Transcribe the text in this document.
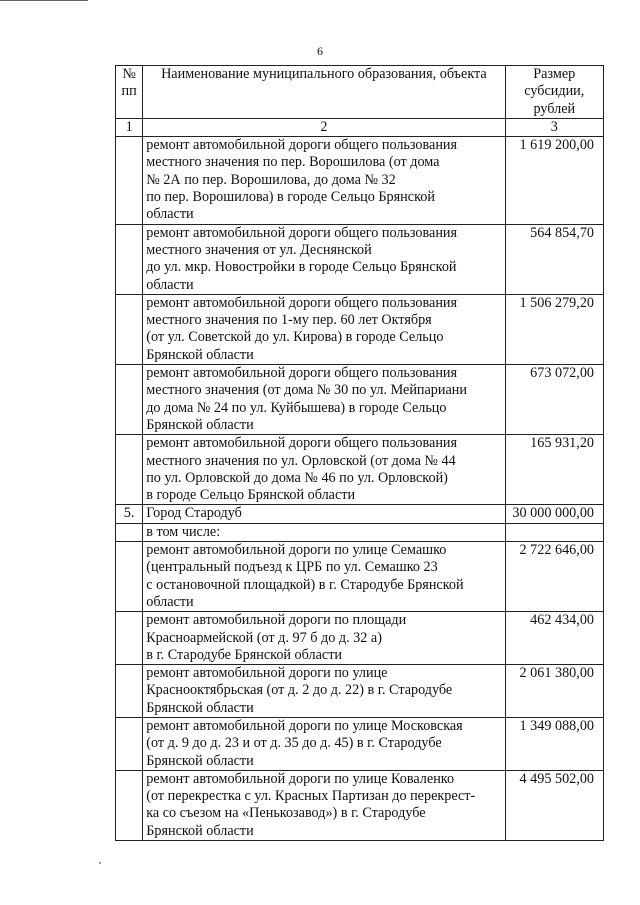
6
№
пп	Наименование муниципального образования, объекта	Размер
субсидии,
рублей
1	2	3
	ремонт автомобильной дороги общего пользования
местного значения по пер. Ворошилова (от дома
№ 2А по пер. Ворошилова, до дома № 32
по пер. Ворошилова) в городе Сельцо Брянской
области	1 619 200,00
	ремонт автомобильной дороги общего пользования
местного значения от ул. Деснянской
до ул. мкр. Новостройки в городе Сельцо Брянской
области	564 854,70
	ремонт автомобильной дороги общего пользования
местного значения по 1-му пер. 60 лет Октября
(от ул. Советской до ул. Кирова) в городе Сельцо
Брянской области	1 506 279,20
	ремонт автомобильной дороги общего пользования
местного значения (от дома № 30 по ул. Мейпариани
до дома № 24 по ул. Куйбышева) в городе Сельцо
Брянской области	673 072,00
	ремонт автомобильной дороги общего пользования
местного значения по ул. Орловской (от дома № 44
по ул. Орловской до дома № 46 по ул. Орловской)
в городе Сельцо Брянской области	165 931,20
5.	Город Стародуб	30 000 000,00
	в том числе:	
	ремонт автомобильной дороги по улице Семашко
(центральный подъезд к ЦРБ по ул. Семашко 23
с остановочной площадкой) в г. Стародубе Брянской
области	2 722 646,00
	ремонт автомобильной дороги по площади
Красноармейской (от д. 97 б до д. 32 а)
в г. Стародубе Брянской области	462 434,00
	ремонт автомобильной дороги по улице
Краснооктябрьская (от д. 2 до д. 22) в г. Стародубе
Брянской области	2 061 380,00
	ремонт автомобильной дороги по улице Московская
(от д. 9 до д. 23 и от д. 35 до д. 45) в г. Стародубе
Брянской области	1 349 088,00
	ремонт автомобильной дороги по улице Коваленко
(от перекрестка с ул. Красных Партизан до перекрест-
ка со съезом на «Пенькозавод») в г. Стародубе
Брянской области	4 495 502,00
